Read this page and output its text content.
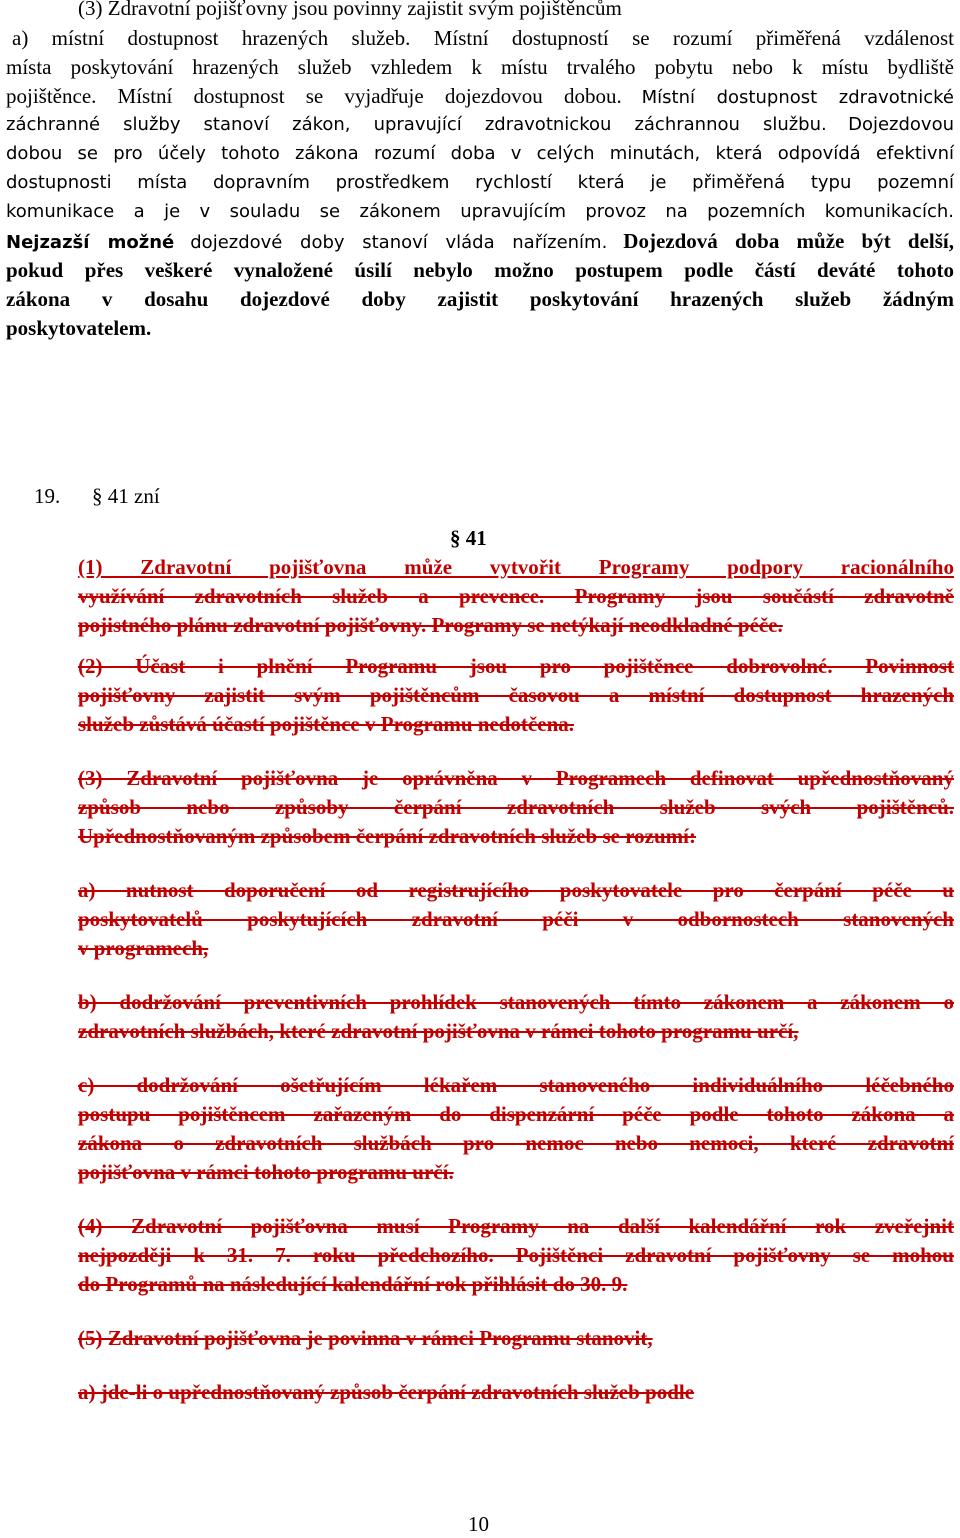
(3) Zdravotní pojišťovny jsou povinny zajistit svým pojištěncům
a) místní dostupnost hrazených služeb. Místní dostupností se rozumí přiměřená vzdálenost
místa poskytování hrazených služeb vzhledem k místu trvalého pobytu nebo k místu bydliště
pojištěnce. Místní dostupnost se vyjadřuje dojezdovou dobou. Místní dostupnost zdravotnické
záchranné služby stanoví zákon, upravující zdravotnickou záchrannou službu. Dojezdovou
dobou se pro účely tohoto zákona rozumí doba v celých minutách, která odpovídá efektivní
dostupnosti místa dopravním prostředkem rychlostí která je přiměřená typu pozemní
komunikace a je v souladu se zákonem upravujícím provoz na pozemních komunikacích.
Nejzazší možné dojezdové doby stanoví vláda nařízením. Dojezdová doba může být delší,
pokud přes veškeré vynaložené úsilí nebylo možno postupem podle částí deváté tohoto
zákona v dosahu dojezdové doby zajistit poskytování hrazených služeb žádným
poskytovatelem.
19. § 41 zní
§ 41
(1) Zdravotní pojišťovna může vytvořit Programy podpory racionálního
využívání zdravotních služeb a prevence. Programy jsou součástí zdravotně
pojistného plánu zdravotní pojišťovny. Programy se netýkají neodkladné péče.
(2) Účast i plnění Programu jsou pro pojištěnce dobrovolné. Povinnost
pojišťovny zajistit svým pojištěncům časovou a místní dostupnost hrazených
služeb zůstává účastí pojištěnce v Programu nedotčena.
(3) Zdravotní pojišťovna je oprávněna v Programech definovat upřednostňovaný
způsob nebo způsoby čerpání zdravotních služeb svých pojištěnců.
Upřednostňovaným způsobem čerpání zdravotních služeb se rozumí:
a) nutnost doporučení od registrujícího poskytovatele pro čerpání péče u
poskytovatelů poskytujících zdravotní péči v odbornostech stanovených
v programech,
b) dodržování preventivních prohlídek stanovených tímto zákonem a zákonem o
zdravotních službách, které zdravotní pojišťovna v rámci tohoto programu určí,
c) dodržování ošetřujícím lékařem stanoveného individuálního léčebného
postupu pojištěncem zařazeným do dispenzární péče podle tohoto zákona a
zákona o zdravotních službách pro nemoc nebo nemoci, které zdravotní
pojišťovna v rámci tohoto programu určí.
(4) Zdravotní pojišťovna musí Programy na další kalendářní rok zveřejnit
nejpozději k 31. 7. roku předchozího. Pojištěnci zdravotní pojišťovny se mohou
do Programů na následující kalendářní rok přihlásit do 30. 9.
(5) Zdravotní pojišťovna je povinna v rámci Programu stanovit,
a) jde-li o upřednostňovaný způsob čerpání zdravotních služeb podle
10
